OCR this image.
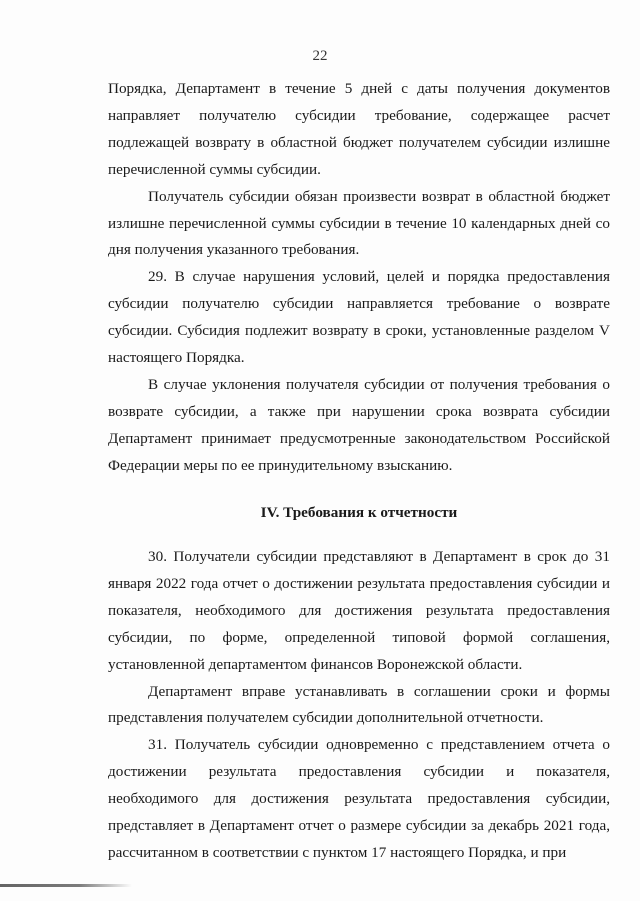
22

Порядка, Департамент в течение 5 дней с даты получения документов направляет получателю субсидии требование, содержащее расчет подлежащей возврату в областной бюджет получателем субсидии излишне перечисленной суммы субсидии.

Получатель субсидии обязан произвести возврат в областной бюджет излишне перечисленной суммы субсидии в течение 10 календарных дней со дня получения указанного требования.

29. В случае нарушения условий, целей и порядка предоставления субсидии получателю субсидии направляется требование о возврате субсидии. Субсидия подлежит возврату в сроки, установленные разделом V настоящего Порядка.

В случае уклонения получателя субсидии от получения требования о возврате субсидии, а также при нарушении срока возврата субсидии Департамент принимает предусмотренные законодательством Российской Федерации меры по ее принудительному взысканию.

IV. Требования к отчетности

30. Получатели субсидии представляют в Департамент в срок до 31 января 2022 года отчет о достижении результата предоставления субсидии и показателя, необходимого для достижения результата предоставления субсидии, по форме, определенной типовой формой соглашения, установленной департаментом финансов Воронежской области.

Департамент вправе устанавливать в соглашении сроки и формы представления получателем субсидии дополнительной отчетности.

31. Получатель субсидии одновременно с представлением отчета о достижении результата предоставления субсидии и показателя, необходимого для достижения результата предоставления субсидии, представляет в Департамент отчет о размере субсидии за декабрь 2021 года, рассчитанном в соответствии с пунктом 17 настоящего Порядка, и при
